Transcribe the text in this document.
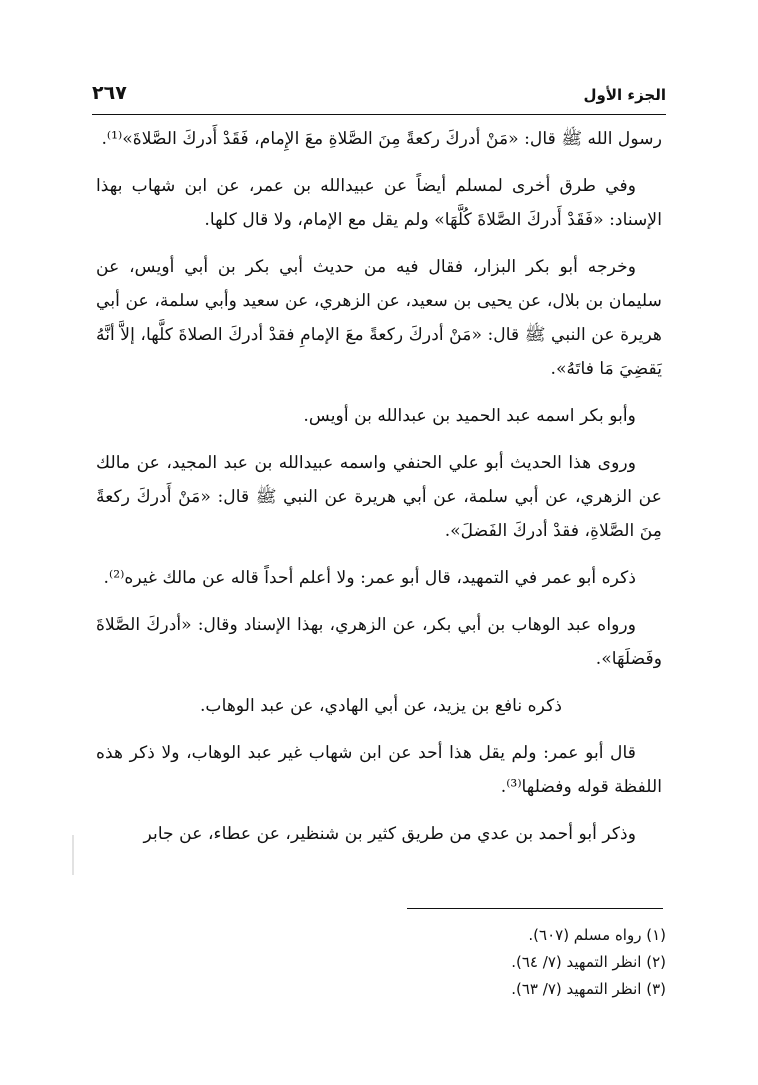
الجزء الأول
٢٦٧

رسول الله ﷺ قال: «مَنْ أدركَ ركعةً مِنَ الصَّلاةِ معَ الإِمام، فَقَدْ أَدركَ الصَّلاةَ»⁽¹⁾.

وفي طرق أخرى لمسلم أيضاً عن عبيدالله بن عمر، عن ابن شهاب بهذا الإسناد: «فَقَدْ أَدركَ الصَّلاةَ كُلَّهَا» ولم يقل مع الإمام، ولا قال كلها.

وخرجه أبو بكر البزار، فقال فيه من حديث أبي بكر بن أبي أويس، عن سليمان بن بلال، عن يحيى بن سعيد، عن الزهري، عن سعيد وأبي سلمة، عن أبي هريرة عن النبي ﷺ قال: «مَنْ أدركَ ركعةً معَ الإمامِ فقدْ أدركَ الصلاةَ كلَّها، إلاَّ أنَّهُ يَقضِيَ مَا فاتَهُ».

وأبو بكر اسمه عبد الحميد بن عبدالله بن أويس.

وروى هذا الحديث أبو علي الحنفي واسمه عبيدالله بن عبد المجيد، عن مالك عن الزهري، عن أبي سلمة، عن أبي هريرة عن النبي ﷺ قال: «مَنْ أَدركَ ركعةً مِنَ الصَّلاةِ، فقدْ أدركَ الفَضلَ».

ذكره أبو عمر في التمهيد، قال أبو عمر: ولا أعلم أحداً قاله عن مالك غيره⁽²⁾.

ورواه عبد الوهاب بن أبي بكر، عن الزهري، بهذا الإسناد وقال: «أدركَ الصَّلاةَ وفَضلَهَا».

ذكره نافع بن يزيد، عن أبي الهادي، عن عبد الوهاب.

قال أبو عمر: ولم يقل هذا أحد عن ابن شهاب غير عبد الوهاب، ولا ذكر هذه اللفظة قوله وفضلها⁽³⁾.

وذكر أبو أحمد بن عدي من طريق كثير بن شنظير، عن عطاء، عن جابر

(١) رواه مسلم (٦٠٧).
(٢) انظر التمهيد (٧/ ٦٤).
(٣) انظر التمهيد (٧/ ٦٣).
